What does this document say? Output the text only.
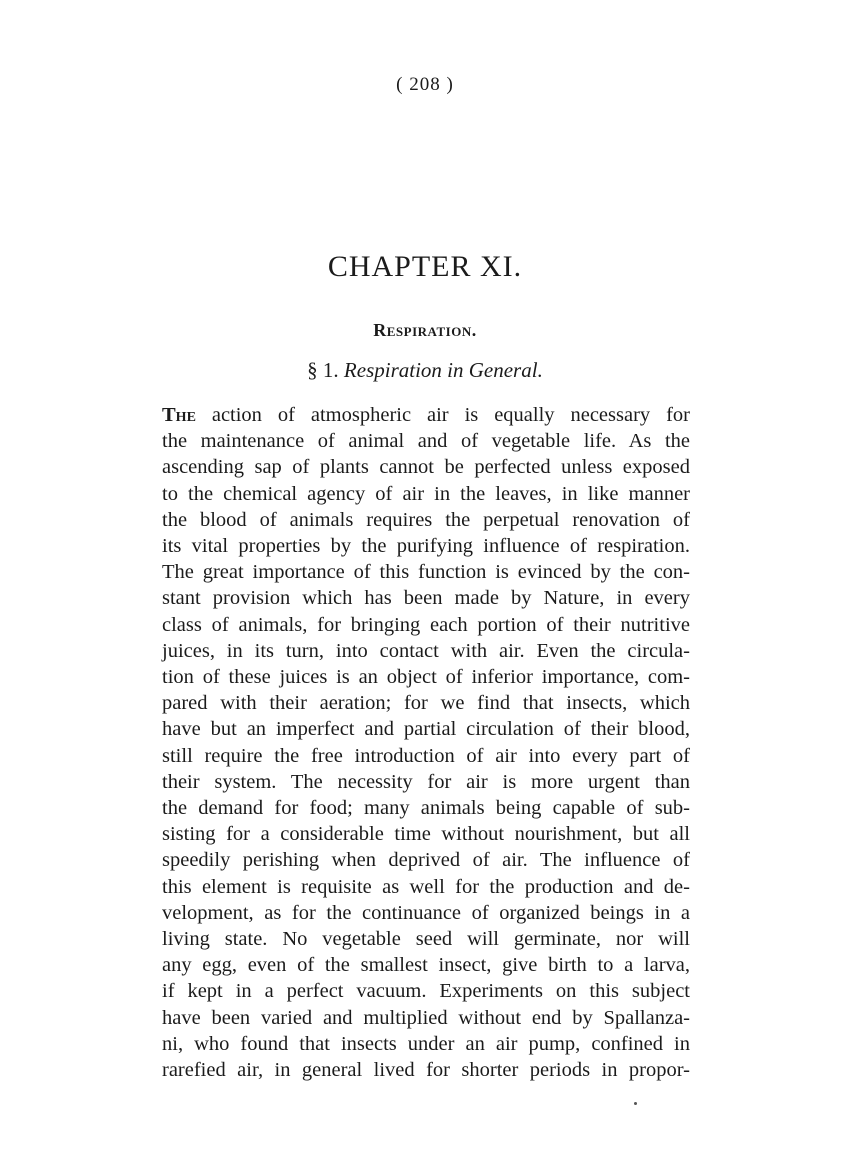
( 208 )
CHAPTER XI.
Respiration.
§ 1. Respiration in General.
The action of atmospheric air is equally necessary for
the maintenance of animal and of vegetable life. As the
ascending sap of plants cannot be perfected unless exposed
to the chemical agency of air in the leaves, in like manner
the blood of animals requires the perpetual renovation of
its vital properties by the purifying influence of respiration.
The great importance of this function is evinced by the con-
stant provision which has been made by Nature, in every
class of animals, for bringing each portion of their nutritive
juices, in its turn, into contact with air. Even the circula-
tion of these juices is an object of inferior importance, com-
pared with their aeration; for we find that insects, which
have but an imperfect and partial circulation of their blood,
still require the free introduction of air into every part of
their system. The necessity for air is more urgent than
the demand for food; many animals being capable of sub-
sisting for a considerable time without nourishment, but all
speedily perishing when deprived of air. The influence of
this element is requisite as well for the production and de-
velopment, as for the continuance of organized beings in a
living state. No vegetable seed will germinate, nor will
any egg, even of the smallest insect, give birth to a larva,
if kept in a perfect vacuum. Experiments on this subject
have been varied and multiplied without end by Spallanza-
ni, who found that insects under an air pump, confined in
rarefied air, in general lived for shorter periods in propor-
